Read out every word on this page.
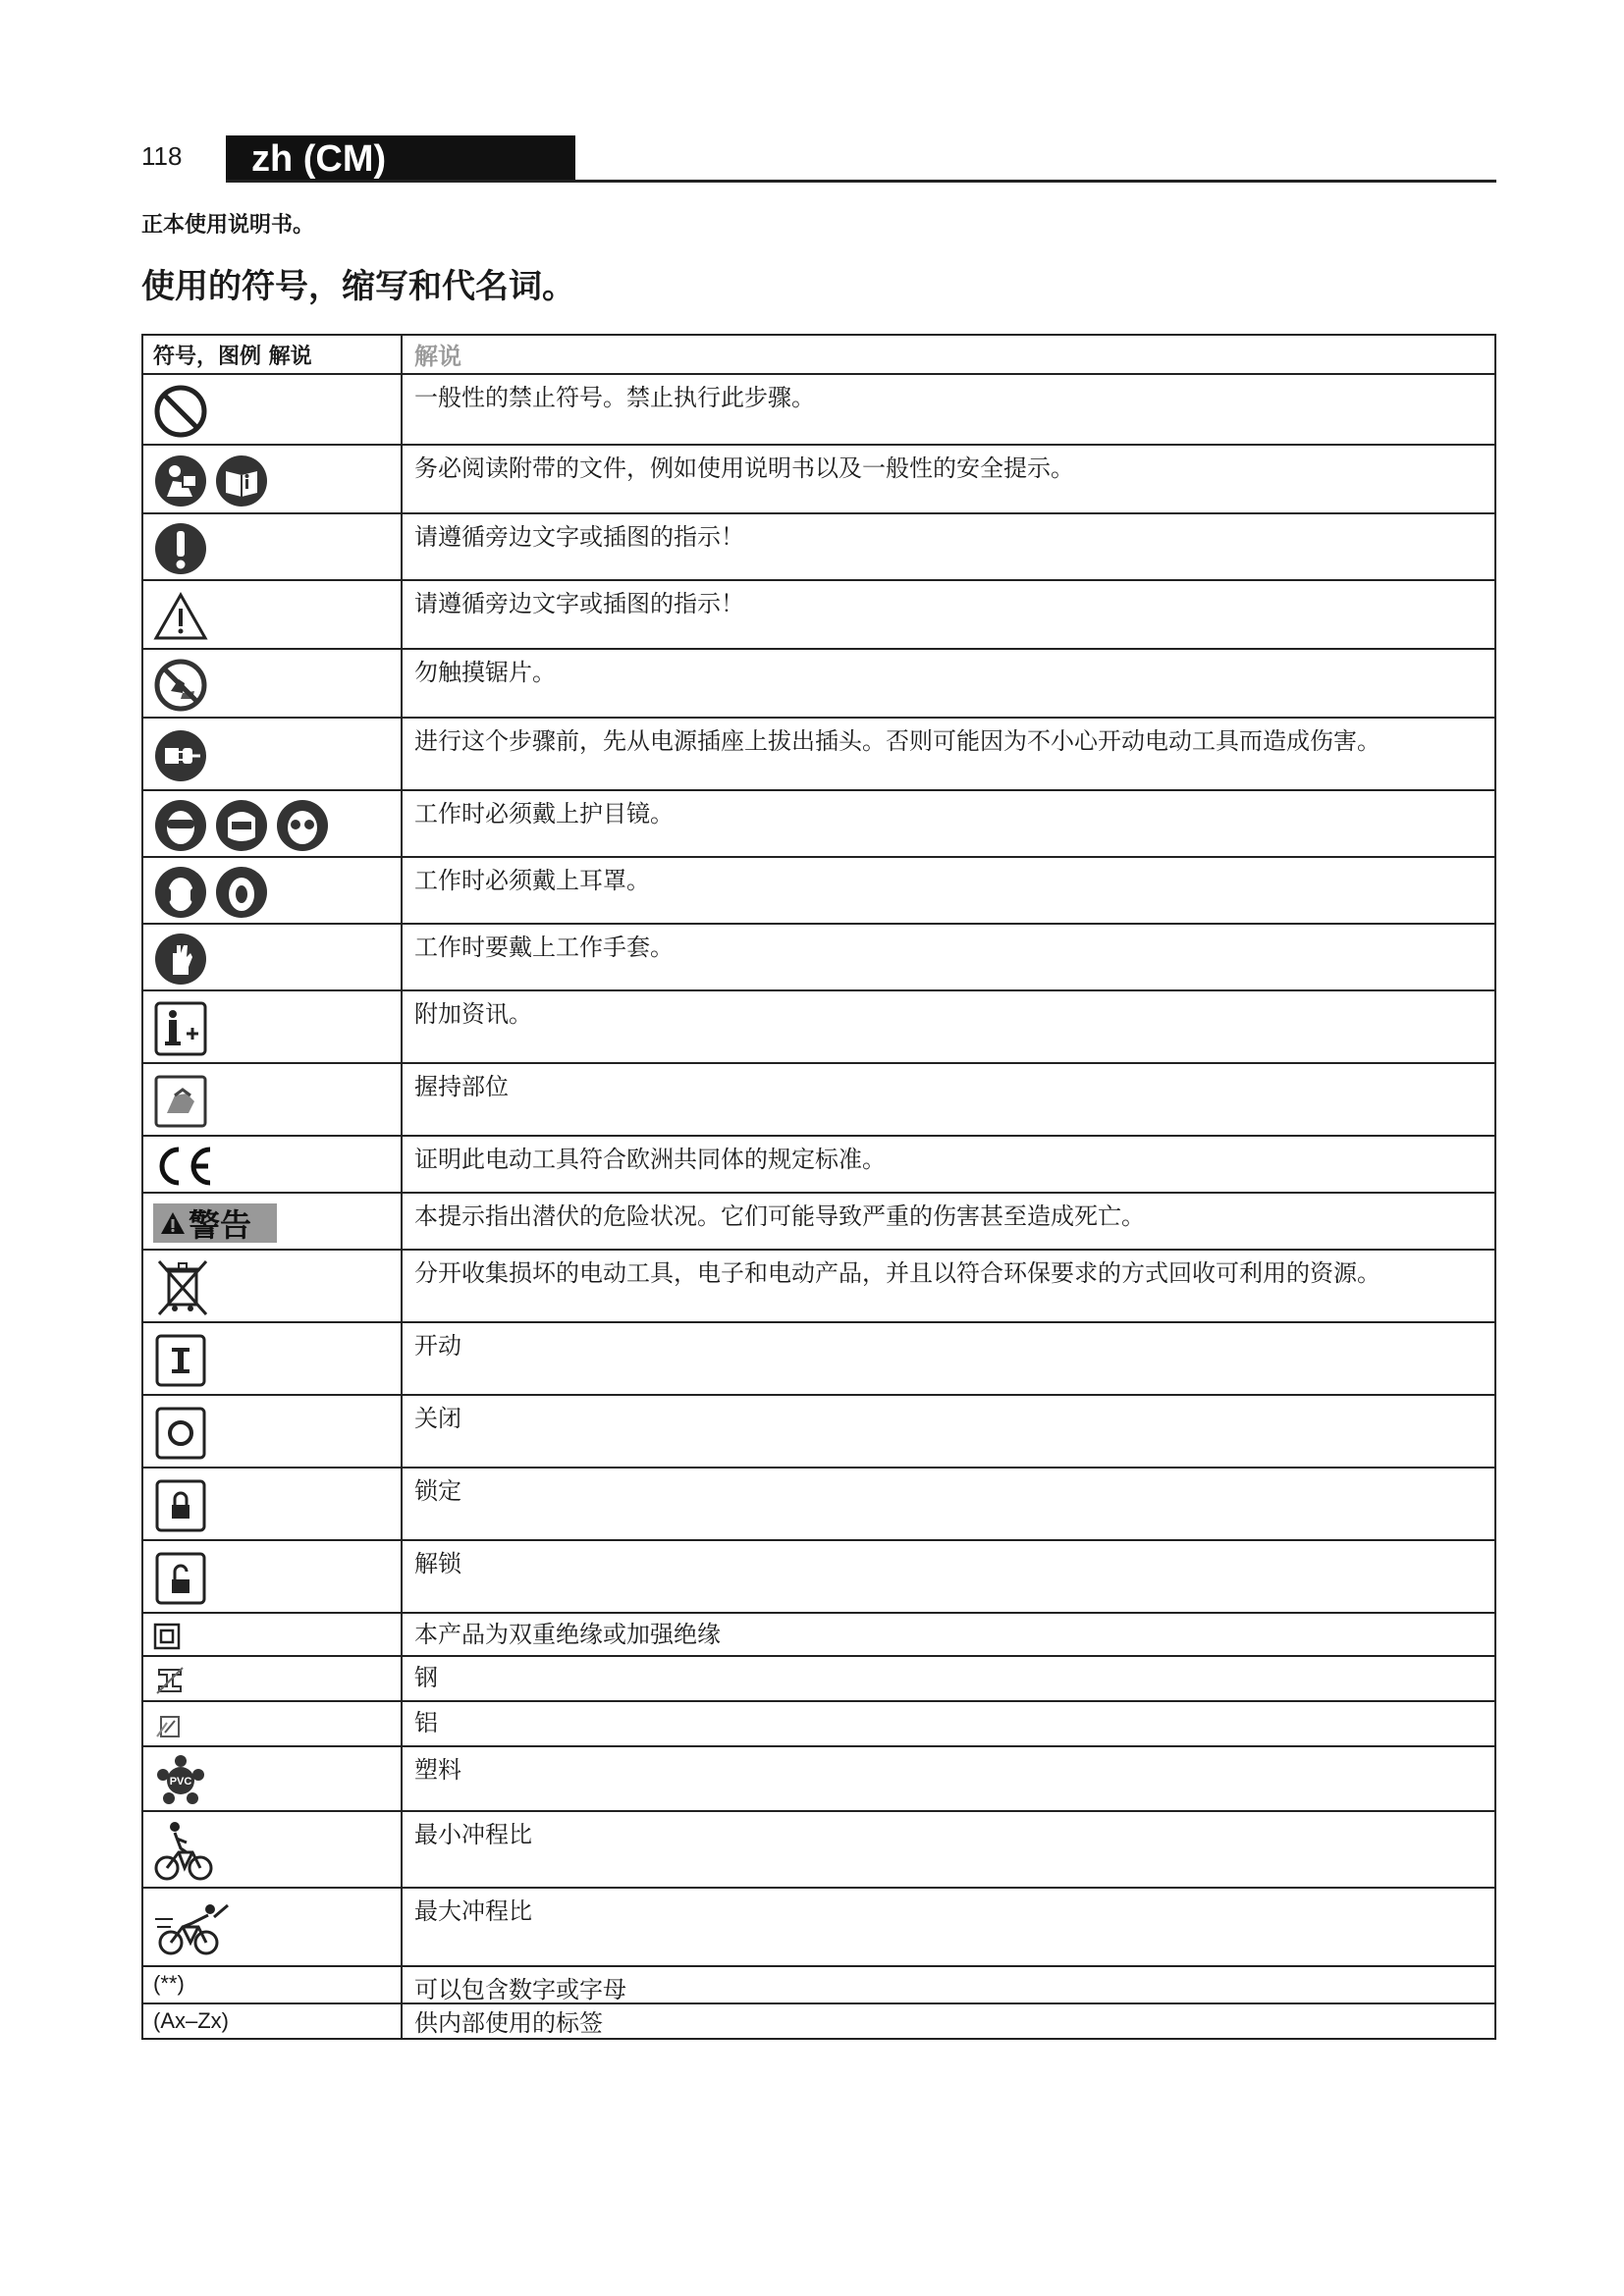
118	zh (CM)
正本使用说明书。
使用的符号，缩写和代名词。
符号，图例 解说	解说
一般性的禁止符号。禁止执行此步骤。
务必阅读附带的文件，例如使用说明书以及一般性的安全提示。
请遵循旁边文字或插图的指示！
请遵循旁边文字或插图的指示！
勿触摸锯片。
进行这个步骤前，先从电源插座上拔出插头。否则可能因为不小心开动电动工具而造成伤害。
工作时必须戴上护目镜。
工作时必须戴上耳罩。
工作时要戴上工作手套。
附加资讯。
握持部位
证明此电动工具符合欧洲共同体的规定标准。
警告	本提示指出潜伏的危险状况。它们可能导致严重的伤害甚至造成死亡。
分开收集损坏的电动工具，电子和电动产品，并且以符合环保要求的方式回收可利用的资源。
开动
关闭
锁定
解锁
本产品为双重绝缘或加强绝缘
钢
铝
PVC	塑料
最小冲程比
最大冲程比
(**)	可以包含数字或字母
(Ax–Zx)	供内部使用的标签
